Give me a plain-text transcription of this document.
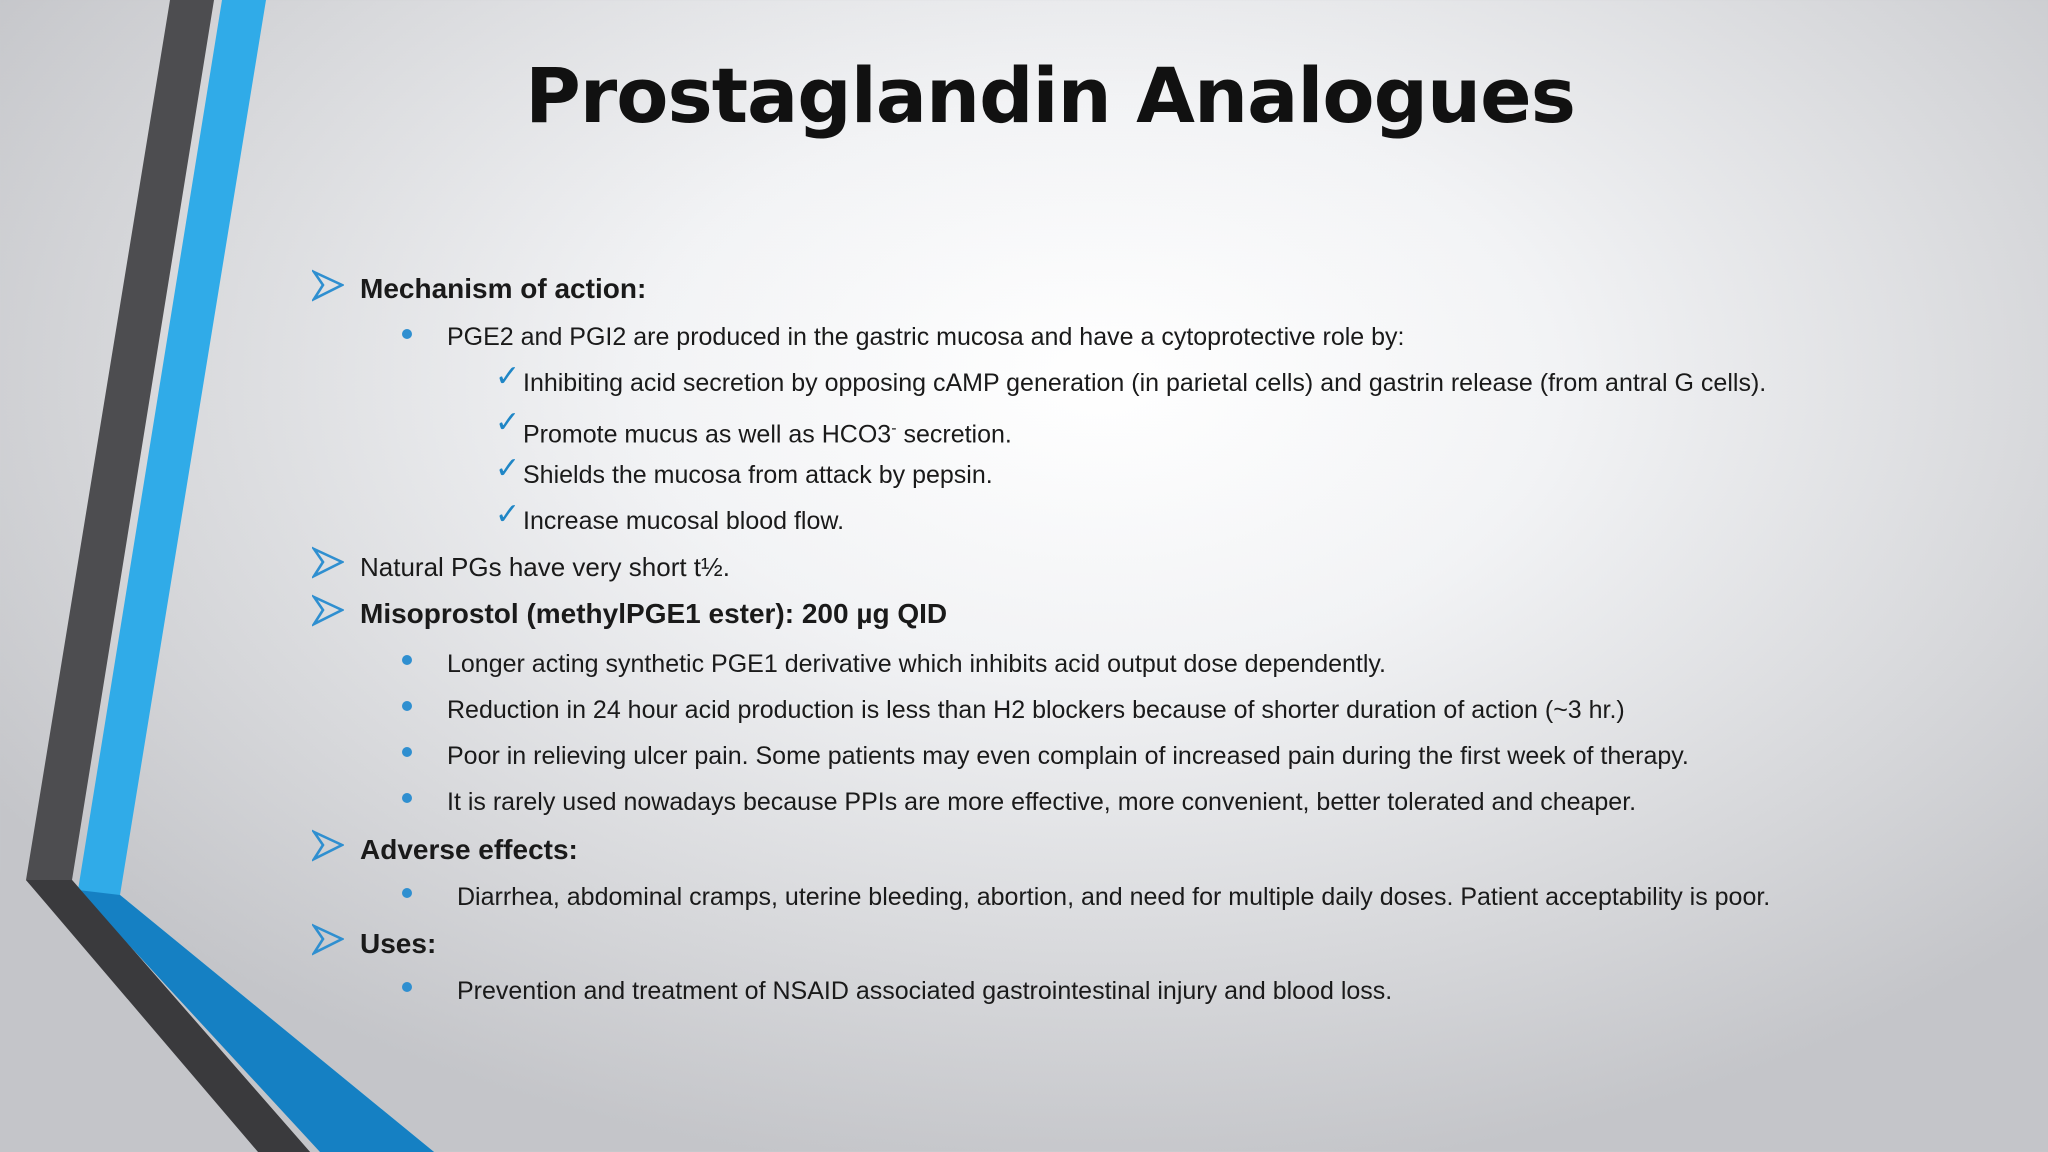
Prostaglandin Analogues
Mechanism of action:
PGE2 and PGI2 are produced in the gastric mucosa and have a cytoprotective role by:
✓ Inhibiting acid secretion by opposing cAMP generation (in parietal cells) and gastrin release (from antral G cells).
✓ Promote mucus as well as HCO3- secretion.
✓ Shields the mucosa from attack by pepsin.
✓ Increase mucosal blood flow.
Natural PGs have very short t½.
Misoprostol (methylPGE1 ester): 200 µg QID
Longer acting synthetic PGE1 derivative which inhibits acid output dose dependently.
Reduction in 24 hour acid production is less than H2 blockers because of shorter duration of action (~3 hr.)
Poor in relieving ulcer pain. Some patients may even complain of increased pain during the first week of therapy.
It is rarely used nowadays because PPIs are more effective, more convenient, better tolerated and cheaper.
Adverse effects:
Diarrhea, abdominal cramps, uterine bleeding, abortion, and need for multiple daily doses. Patient acceptability is poor.
Uses:
Prevention and treatment of NSAID associated gastrointestinal injury and blood loss.
